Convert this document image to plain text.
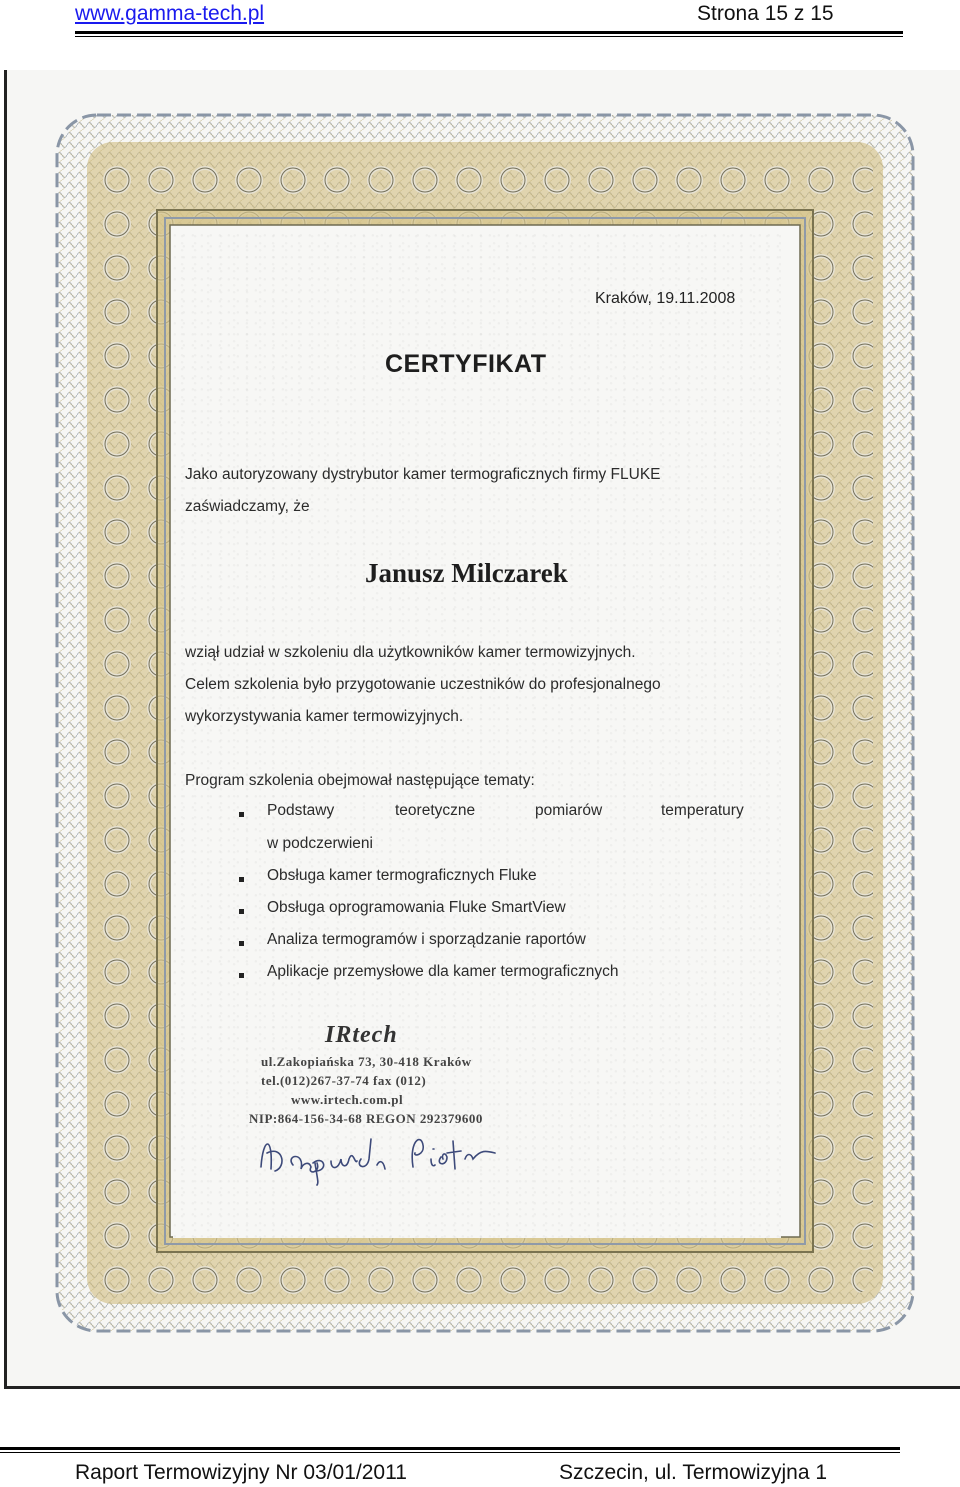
www.gamma-tech.pl	Strona 15 z 15
Kraków, 19.11.2008
CERTYFIKAT
Jako autoryzowany dystrybutor kamer termograficznych firmy FLUKE
zaświadczamy, że
Janusz Milczarek
wziął udział w szkoleniu dla użytkowników kamer termowizyjnych.
Celem szkolenia było przygotowanie uczestników do profesjonalnego
wykorzystywania kamer termowizyjnych.
Program szkolenia obejmował następujące tematy:
Podstawy	teoretyczne	pomiarów	temperatury
w podczerwieni
Obsługa kamer termograficznych Fluke
Obsługa oprogramowania Fluke SmartView
Analiza termogramów i sporządzanie raportów
Aplikacje przemysłowe dla kamer termograficznych
IRtech
ul.Zakopiańska 73, 30-418 Kraków
tel.(012)267-37-74 fax (012)
www.irtech.com.pl
NIP:864-156-34-68 REGON 292379600
Raport Termowizyjny Nr 03/01/2011	Szczecin, ul. Termowizyjna 1
